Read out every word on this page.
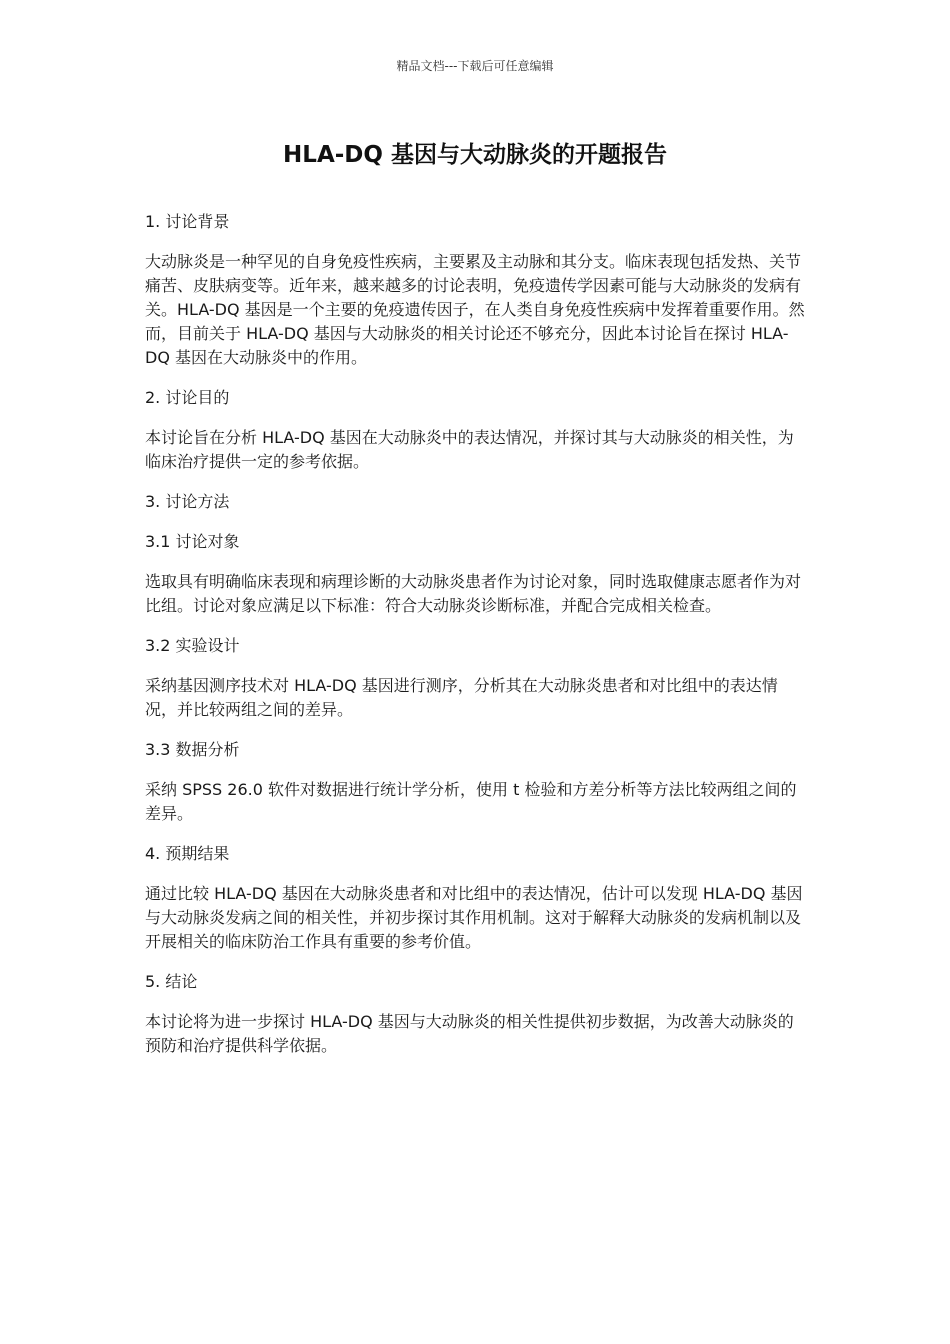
精品文档---下载后可任意编辑
HLA-DQ 基因与大动脉炎的开题报告

1. 讨论背景

大动脉炎是一种罕见的自身免疫性疾病，主要累及主动脉和其分支。临床表现包括发热、关节痛苦、皮肤病变等。近年来，越来越多的讨论表明，免疫遗传学因素可能与大动脉炎的发病有关。HLA-DQ 基因是一个主要的免疫遗传因子，在人类自身免疫性疾病中发挥着重要作用。然而，目前关于 HLA-DQ 基因与大动脉炎的相关讨论还不够充分，因此本讨论旨在探讨 HLA-DQ 基因在大动脉炎中的作用。

2. 讨论目的

本讨论旨在分析 HLA-DQ 基因在大动脉炎中的表达情况，并探讨其与大动脉炎的相关性，为临床治疗提供一定的参考依据。

3. 讨论方法

3.1 讨论对象

选取具有明确临床表现和病理诊断的大动脉炎患者作为讨论对象，同时选取健康志愿者作为对比组。讨论对象应满足以下标准：符合大动脉炎诊断标准，并配合完成相关检查。

3.2 实验设计

采纳基因测序技术对 HLA-DQ 基因进行测序，分析其在大动脉炎患者和对比组中的表达情况，并比较两组之间的差异。

3.3 数据分析

采纳 SPSS 26.0 软件对数据进行统计学分析，使用 t 检验和方差分析等方法比较两组之间的差异。

4. 预期结果

通过比较 HLA-DQ 基因在大动脉炎患者和对比组中的表达情况，估计可以发现 HLA-DQ 基因与大动脉炎发病之间的相关性，并初步探讨其作用机制。这对于解释大动脉炎的发病机制以及开展相关的临床防治工作具有重要的参考价值。

5. 结论

本讨论将为进一步探讨 HLA-DQ 基因与大动脉炎的相关性提供初步数据，为改善大动脉炎的预防和治疗提供科学依据。
